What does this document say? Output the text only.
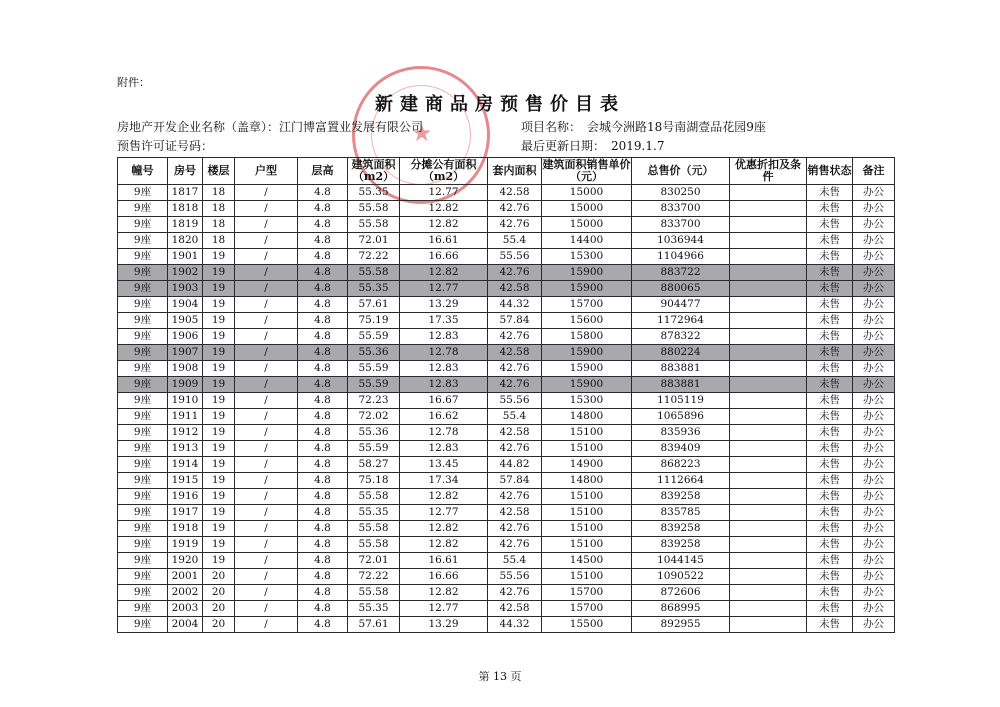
附件：
★
新建商品房预售价目表
房地产开发企业名称（盖章）：江门博富置业发展有限公司
预售许可证号码：
项目名称： 会城今洲路18号南湖壹品花园9座
最后更新日期： 2019.1.7
幢号	房号	楼层	户型	层高	建筑面积（m2）	分摊公有面积（m2）	套内面积	建筑面积销售单价（元）	总售价（元）	优惠折扣及条件	销售状态	备注
9座	1817	18	/	4.8	55.35	12.77	42.58	15000	830250		未售	办公
9座	1818	18	/	4.8	55.58	12.82	42.76	15000	833700		未售	办公
9座	1819	18	/	4.8	55.58	12.82	42.76	15000	833700		未售	办公
9座	1820	18	/	4.8	72.01	16.61	55.4	14400	1036944		未售	办公
9座	1901	19	/	4.8	72.22	16.66	55.56	15300	1104966		未售	办公
9座	1902	19	/	4.8	55.58	12.82	42.76	15900	883722		未售	办公
9座	1903	19	/	4.8	55.35	12.77	42.58	15900	880065		未售	办公
9座	1904	19	/	4.8	57.61	13.29	44.32	15700	904477		未售	办公
9座	1905	19	/	4.8	75.19	17.35	57.84	15600	1172964		未售	办公
9座	1906	19	/	4.8	55.59	12.83	42.76	15800	878322		未售	办公
9座	1907	19	/	4.8	55.36	12.78	42.58	15900	880224		未售	办公
9座	1908	19	/	4.8	55.59	12.83	42.76	15900	883881		未售	办公
9座	1909	19	/	4.8	55.59	12.83	42.76	15900	883881		未售	办公
9座	1910	19	/	4.8	72.23	16.67	55.56	15300	1105119		未售	办公
9座	1911	19	/	4.8	72.02	16.62	55.4	14800	1065896		未售	办公
9座	1912	19	/	4.8	55.36	12.78	42.58	15100	835936		未售	办公
9座	1913	19	/	4.8	55.59	12.83	42.76	15100	839409		未售	办公
9座	1914	19	/	4.8	58.27	13.45	44.82	14900	868223		未售	办公
9座	1915	19	/	4.8	75.18	17.34	57.84	14800	1112664		未售	办公
9座	1916	19	/	4.8	55.58	12.82	42.76	15100	839258		未售	办公
9座	1917	19	/	4.8	55.35	12.77	42.58	15100	835785		未售	办公
9座	1918	19	/	4.8	55.58	12.82	42.76	15100	839258		未售	办公
9座	1919	19	/	4.8	55.58	12.82	42.76	15100	839258		未售	办公
9座	1920	19	/	4.8	72.01	16.61	55.4	14500	1044145		未售	办公
9座	2001	20	/	4.8	72.22	16.66	55.56	15100	1090522		未售	办公
9座	2002	20	/	4.8	55.58	12.82	42.76	15700	872606		未售	办公
9座	2003	20	/	4.8	55.35	12.77	42.58	15700	868995		未售	办公
9座	2004	20	/	4.8	57.61	13.29	44.32	15500	892955		未售	办公
第 13 页
